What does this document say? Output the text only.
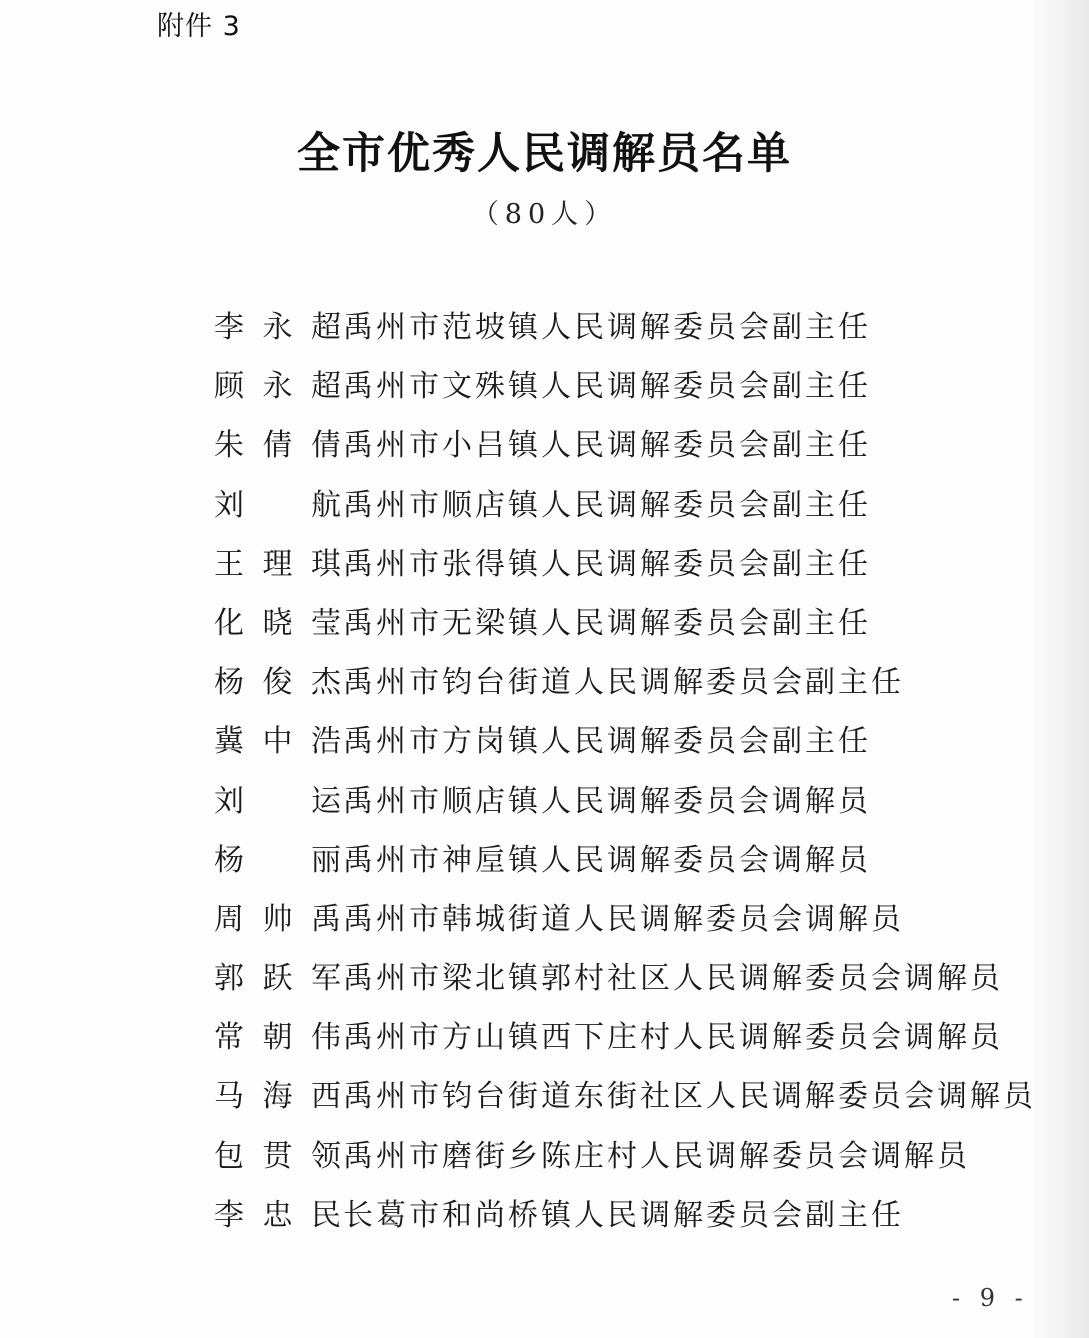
附件 3
全市优秀人民调解员名单
（80人）
李永超 禹州市范坡镇人民调解委员会副主任
顾永超 禹州市文殊镇人民调解委员会副主任
朱倩倩 禹州市小吕镇人民调解委员会副主任
刘　航 禹州市顺店镇人民调解委员会副主任
王理琪 禹州市张得镇人民调解委员会副主任
化晓莹 禹州市无梁镇人民调解委员会副主任
杨俊杰 禹州市钧台街道人民调解委员会副主任
冀中浩 禹州市方岗镇人民调解委员会副主任
刘　运 禹州市顺店镇人民调解委员会调解员
杨　丽 禹州市神垕镇人民调解委员会调解员
周帅禹 禹州市韩城街道人民调解委员会调解员
郭跃军 禹州市梁北镇郭村社区人民调解委员会调解员
常朝伟 禹州市方山镇西下庄村人民调解委员会调解员
马海西 禹州市钧台街道东街社区人民调解委员会调解员
包贯领 禹州市磨街乡陈庄村人民调解委员会调解员
李忠民 长葛市和尚桥镇人民调解委员会副主任
- 9 -
